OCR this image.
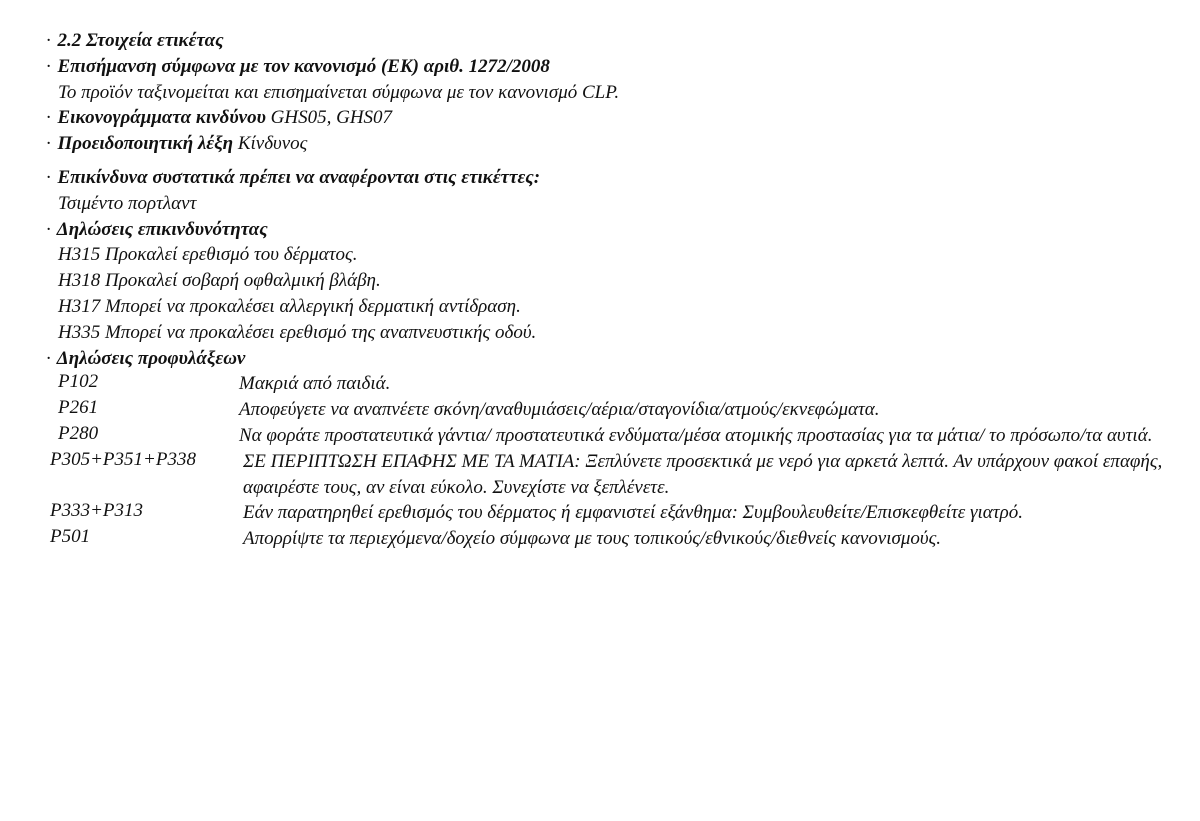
· 2.2 Στοιχεία ετικέτας
· Επισήμανση σύμφωνα με τον κανονισμό (ΕΚ) αριθ. 1272/2008
Το προϊόν ταξινομείται και επισημαίνεται σύμφωνα με τον κανονισμό CLP.
· Εικονογράμματα κινδύνου GHS05, GHS07
· Προειδοποιητική λέξη Κίνδυνος
· Επικίνδυνα συστατικά πρέπει να αναφέρονται στις ετικέττες:
Τσιμέντο πορτλαντ
· Δηλώσεις επικινδυνότητας
H315 Προκαλεί ερεθισμό του δέρματος.
H318 Προκαλεί σοβαρή οφθαλμική βλάβη.
H317 Μπορεί να προκαλέσει αλλεργική δερματική αντίδραση.
H335 Μπορεί να προκαλέσει ερεθισμό της αναπνευστικής οδού.
· Δηλώσεις προφυλάξεων
P102	Μακριά από παιδιά.
P261	Αποφεύγετε να αναπνέετε σκόνη/αναθυμιάσεις/αέρια/σταγονίδια/ατμούς/εκνεφώματα.
P280	Να φοράτε προστατευτικά γάντια/ προστατευτικά ενδύματα/μέσα ατομικής προστασίας για τα μάτια/ το πρόσωπο/τα αυτιά.
P305+P351+P338	ΣΕ ΠΕΡΙΠΤΩΣΗ ΕΠΑΦΗΣ ΜΕ ΤΑ ΜΑΤΙΑ: Ξεπλύνετε προσεκτικά με νερό για αρκετά λεπτά. Αν υπάρχουν φακοί επαφής, αφαιρέστε τους, αν είναι εύκολο. Συνεχίστε να ξεπλένετε.
P333+P313	Εάν παρατηρηθεί ερεθισμός του δέρματος ή εμφανιστεί εξάνθημα: Συμβουλευθείτε/Επισκεφθείτε γιατρό.
P501	Απορρίψτε τα περιεχόμενα/δοχείο σύμφωνα με τους τοπικούς/εθνικούς/διεθνείς κανονισμούς.
